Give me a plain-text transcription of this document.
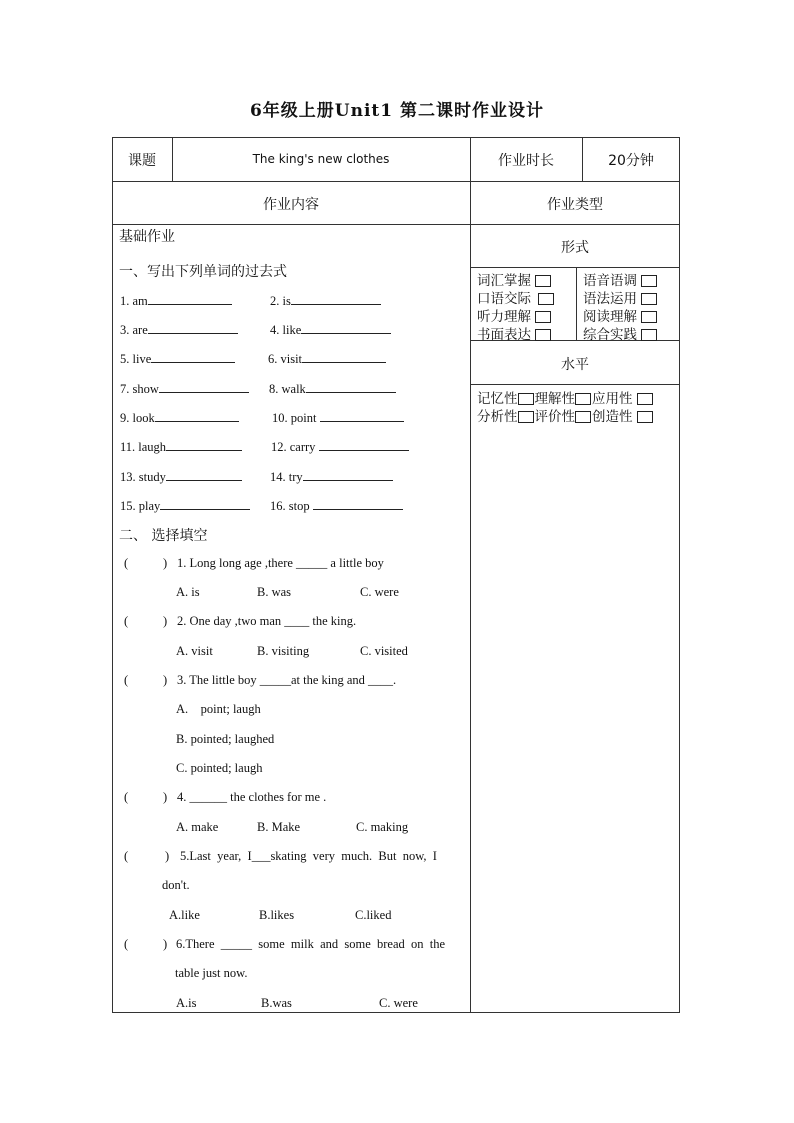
6年级上册Unit1 第二课时作业设计
课题	The king's new clothes	作业时长	20分钟
作业内容	作业类型
基础作业
一、写出下列单词的过去式
1. am	2. is
3. are	4. like
5. live	6. visit
7. show	8. walk
9. look	10. point
11. laugh	12. carry
13. study	14. try
15. play	16. stop
二、 选择填空
(	) 1. Long long age ,there _____ a little boy
A. is	B. was	C. were
(	) 2. One day ,two man ____ the king.
A. visit	B. visiting	C. visited
(	) 3. The little boy _____at the king and ____.
A.    point; laugh
B. pointed; laughed
C. pointed; laugh
(	) 4. ______ the clothes for me .
A. make	B. Make	C. making
(	) 5.Last  year,  I___skating  very  much.  But  now,  I
don't.
A.like	B.likes	C.liked
(	) 6.There  _____  some  milk  and  some  bread  on  the
table just now.
A.is	B.was	C. were
形式
词汇掌握	语音语调
口语交际	语法运用
听力理解	阅读理解
书面表达	综合实践
水平
记忆性 理解性 应用性
分析性 评价性 创造性
